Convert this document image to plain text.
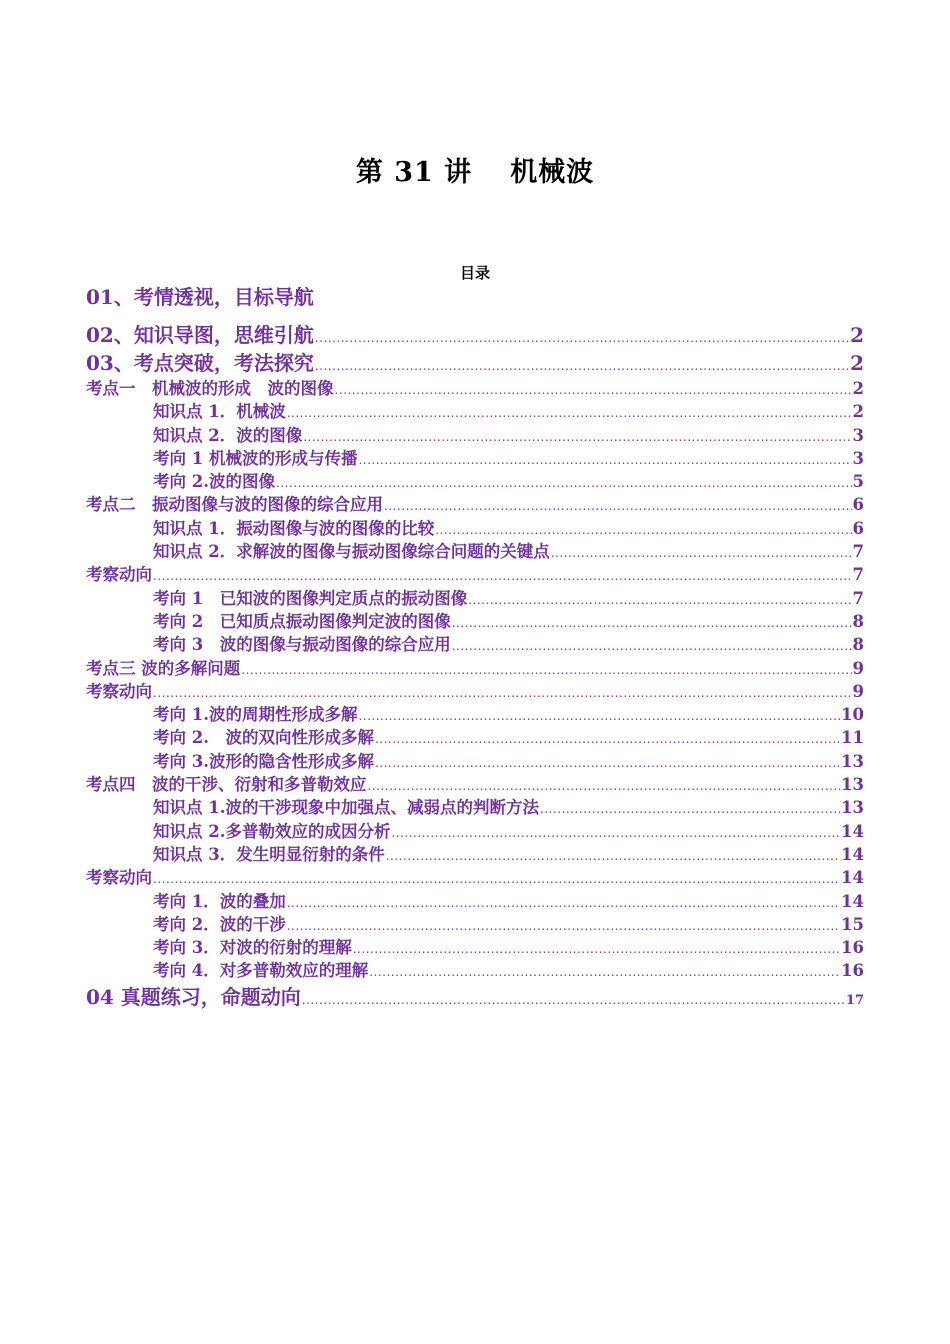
第 31 讲 机械波
目录
01、考情透视，目标导航
02、知识导图，思维引航 .....	2
03、考点突破，考法探究 .....	2
考点一　机械波的形成　波的图像 .....	2
知识点 1．机械波 .....	2
知识点 2．波的图像 .....	3
考向 1 机械波的形成与传播 .....	3
考向 2.波的图像 .....	5
考点二　振动图像与波的图像的综合应用 .....	6
知识点 1．振动图像与波的图像的比较 .....	6
知识点 2．求解波的图像与振动图像综合问题的关键点 .....	7
考察动向 .....	7
考向 1　已知波的图像判定质点的振动图像 .....	7
考向 2　已知质点振动图像判定波的图像 .....	8
考向 3　波的图像与振动图像的综合应用 .....	8
考点三 波的多解问题 .....	9
考察动向 .....	9
考向 1.波的周期性形成多解 .....	10
考向 2.　波的双向性形成多解 .....	11
考向 3.波形的隐含性形成多解 .....	13
考点四　波的干涉、衍射和多普勒效应 .....	13
知识点 1.波的干涉现象中加强点、减弱点的判断方法 .....	13
知识点 2.多普勒效应的成因分析 .....	14
知识点 3．发生明显衍射的条件 .....	14
考察动向 .....	14
考向 1．波的叠加 .....	14
考向 2．波的干涉 .....	15
考向 3．对波的衍射的理解 .....	16
考向 4．对多普勒效应的理解 .....	16
04 真题练习，命题动向 .....	17
